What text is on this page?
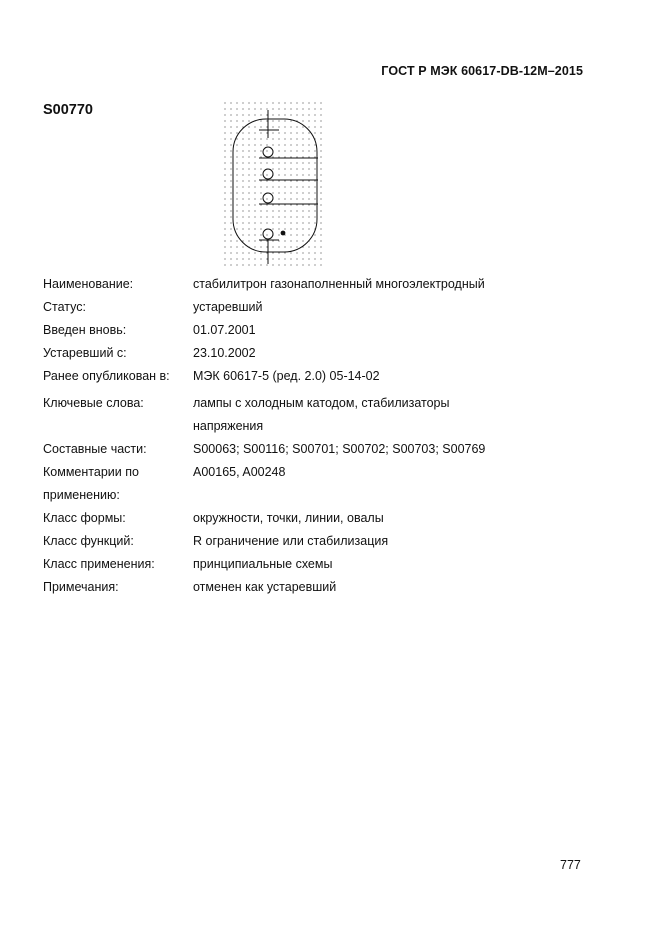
ГОСТ Р МЭК 60617-DB-12M–2015
S00770
Наименование:	стабилитрон газонаполненный многоэлектродный
Статус:	устаревший
Введен вновь:	01.07.2001
Устаревший с:	23.10.2002
Ранее опубликован в:	МЭК 60617-5 (ред. 2.0) 05-14-02
Ключевые слова:	лампы с холодным катодом, стабилизаторы
напряжения
Составные части:	S00063; S00116; S00701; S00702; S00703; S00769
Комментарии по	A00165, A00248
применению:
Класс формы:	окружности, точки, линии, овалы
Класс функций:	R ограничение или стабилизация
Класс применения:	принципиальные схемы
Примечания:	отменен как устаревший
777
